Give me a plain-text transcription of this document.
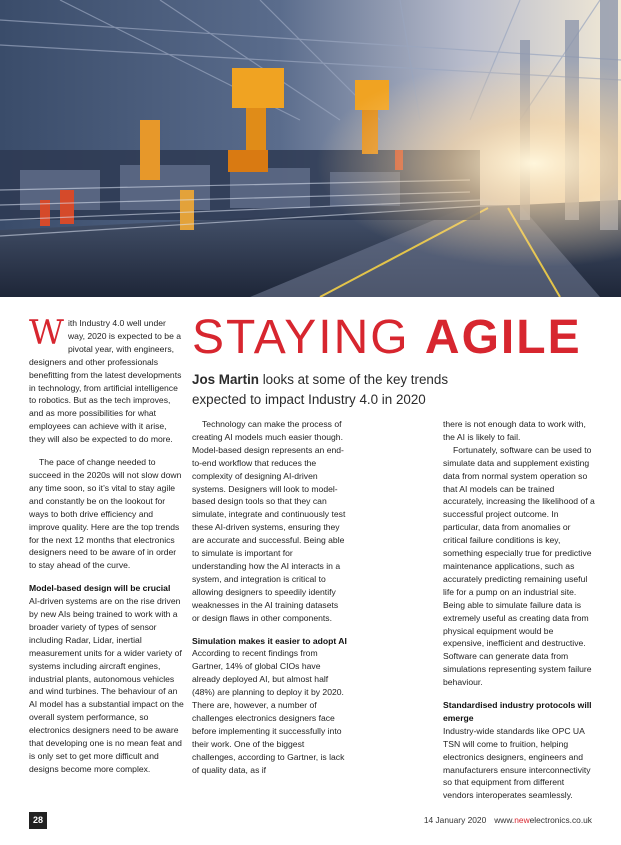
STAYING AGILE
Jos Martin looks at some of the key trends expected to impact Industry 4.0 in 2020

With Industry 4.0 well under way, 2020 is expected to be a pivotal year, with engineers, designers and other professionals benefitting from the latest developments in technology, from artificial intelligence to robotics. But as the tech improves, and as more possibilities for what employees can achieve with it arise, they will also be expected to do more.

The pace of change needed to succeed in the 2020s will not slow down any time soon, so it’s vital to stay agile and constantly be on the lookout for ways to both drive efficiency and improve quality. Here are the top trends for the next 12 months that electronics designers need to be aware of in order to stay ahead of the curve.

Model-based design will be crucial

AI-driven systems are on the rise driven by new AIs being trained to work with a broader variety of types of sensor including Radar, Lidar, inertial measurement units for a wider variety of systems including aircraft engines, industrial plants, autonomous vehicles and wind turbines. The behaviour of an AI model has a substantial impact on the overall system performance, so electronics designers need to be aware that developing one is no mean feat and is only set to get more difficult and designs become more complex.

Technology can make the process of creating AI models much easier though. Model-based design represents an end-to-end workflow that reduces the complexity of designing AI-driven systems. Designers will look to model-based design tools so that they can simulate, integrate and continuously test these AI-driven systems, ensuring they are accurate and successful. Being able to simulate is important for understanding how the AI interacts in a system, and integration is critical to allowing designers to speedily identify weaknesses in the AI training datasets or design flaws in other components.

Simulation makes it easier to adopt AI

According to recent findings from Gartner, 14% of global CIOs have already deployed AI, but almost half (48%) are planning to deploy it by 2020. There are, however, a number of challenges electronics designers face before implementing it successfully into their work. One of the biggest challenges, according to Gartner, is lack of quality data, as if

there is not enough data to work with, the AI is likely to fail.

Fortunately, software can be used to simulate data and supplement existing data from normal system operation so that AI models can be trained accurately, increasing the likelihood of a successful project outcome. In particular, data from anomalies or critical failure conditions is key, something especially true for predictive maintenance applications, such as accurately predicting remaining useful life for a pump on an industrial site. Being able to simulate failure data is extremely useful as creating data from physical equipment would be expensive, inefficient and destructive. Software can generate data from simulations representing system failure behaviour.

Standardised industry protocols will emerge

Industry-wide standards like OPC UA TSN will come to fruition, helping electronics designers, engineers and manufacturers ensure interconnectivity so that equipment from different vendors interoperates seamlessly.

28	14 January 2020 www.newelectronics.co.uk
